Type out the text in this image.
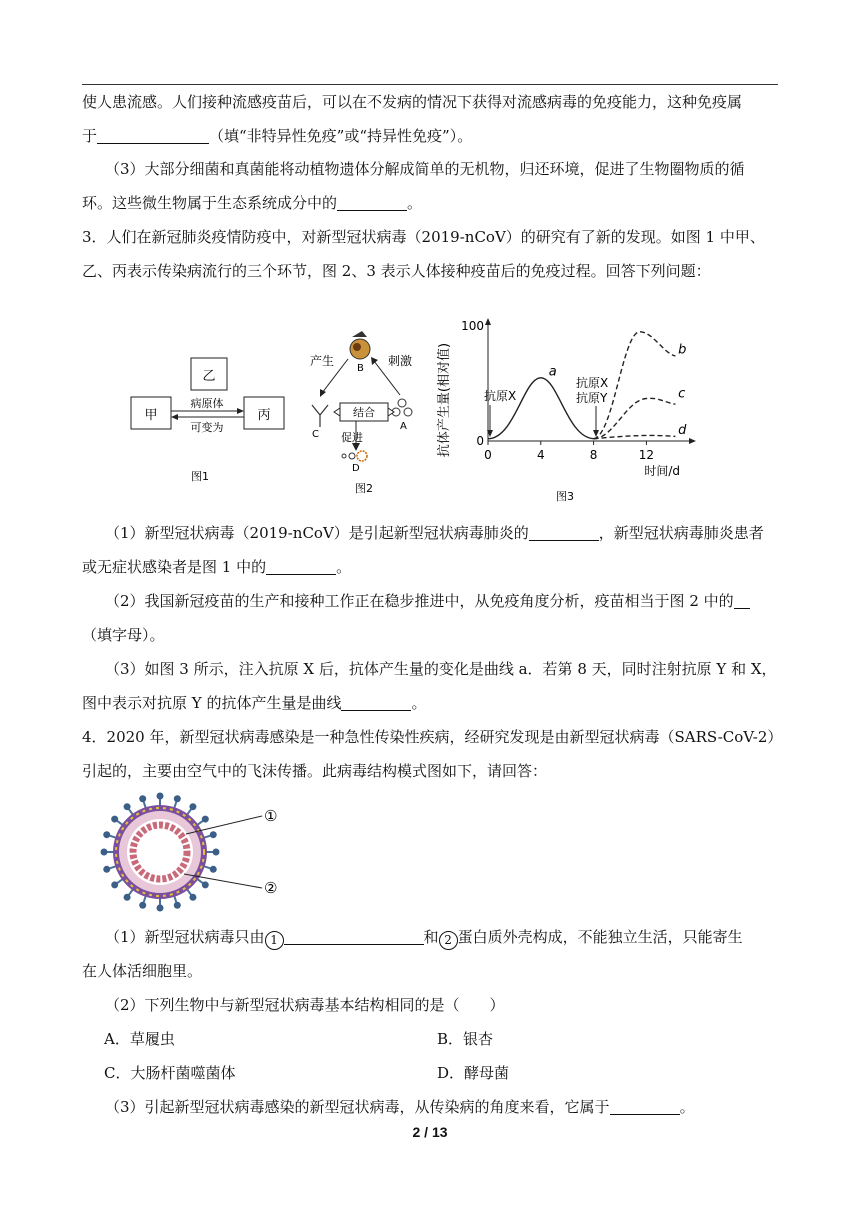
使人患流感。人们接种流感疫苗后，可以在不发病的情况下获得对流感病毒的免疫能力，这种免疫属
于	（填“非特异性免疫”或“持异性免疫”）。
（3）大部分细菌和真菌能将动植物遗体分解成简单的无机物，归还环境，促进了生物圈物质的循
环。这些微生物属于生态系统成分中的	。
3．人们在新冠肺炎疫情防疫中，对新型冠状病毒（2019-nCoV）的研究有了新的发现。如图 1 中甲、
乙、丙表示传染病流行的三个环节，图 2、3 表示人体接种疫苗后的免疫过程。回答下列问题：
乙
甲	丙
病原体
可变为
图1
产生	刺激
B
C
A
结合
促进
D
图2
抗体产生量(相对值) 0
100
0	4	8	12
时间/d
a
b
c
d
抗原X
抗原X
抗原Y
图3
（1）新型冠状病毒（2019-nCoV）是引起新型冠状病毒肺炎的	，新型冠状病毒肺炎患者
或无症状感染者是图 1 中的	。
（2）我国新冠疫苗的生产和接种工作正在稳步推进中，从免疫角度分析，疫苗相当于图 2 中的
（填字母）。
（3）如图 3 所示，注入抗原 X 后，抗体产生量的变化是曲线 a．若第 8 天，同时注射抗原 Y 和 X，
图中表示对抗原 Y 的抗体产生量是曲线	。
4．2020 年，新型冠状病毒感染是一种急性传染性疾病，经研究发现是由新型冠状病毒（SARS-CoV-2）
引起的，主要由空气中的飞沫传播。此病毒结构模式图如下，请回答：
①
②
（1）新型冠状病毒只由 1	和 2 蛋白质外壳构成，不能独立生活，只能寄生
在人体活细胞里。
（2）下列生物中与新型冠状病毒基本结构相同的是（　　）
A．草履虫	B．银杏
C．大肠杆菌噬菌体	D．酵母菌
（3）引起新型冠状病毒感染的新型冠状病毒，从传染病的角度来看，它属于	。
2 / 13
